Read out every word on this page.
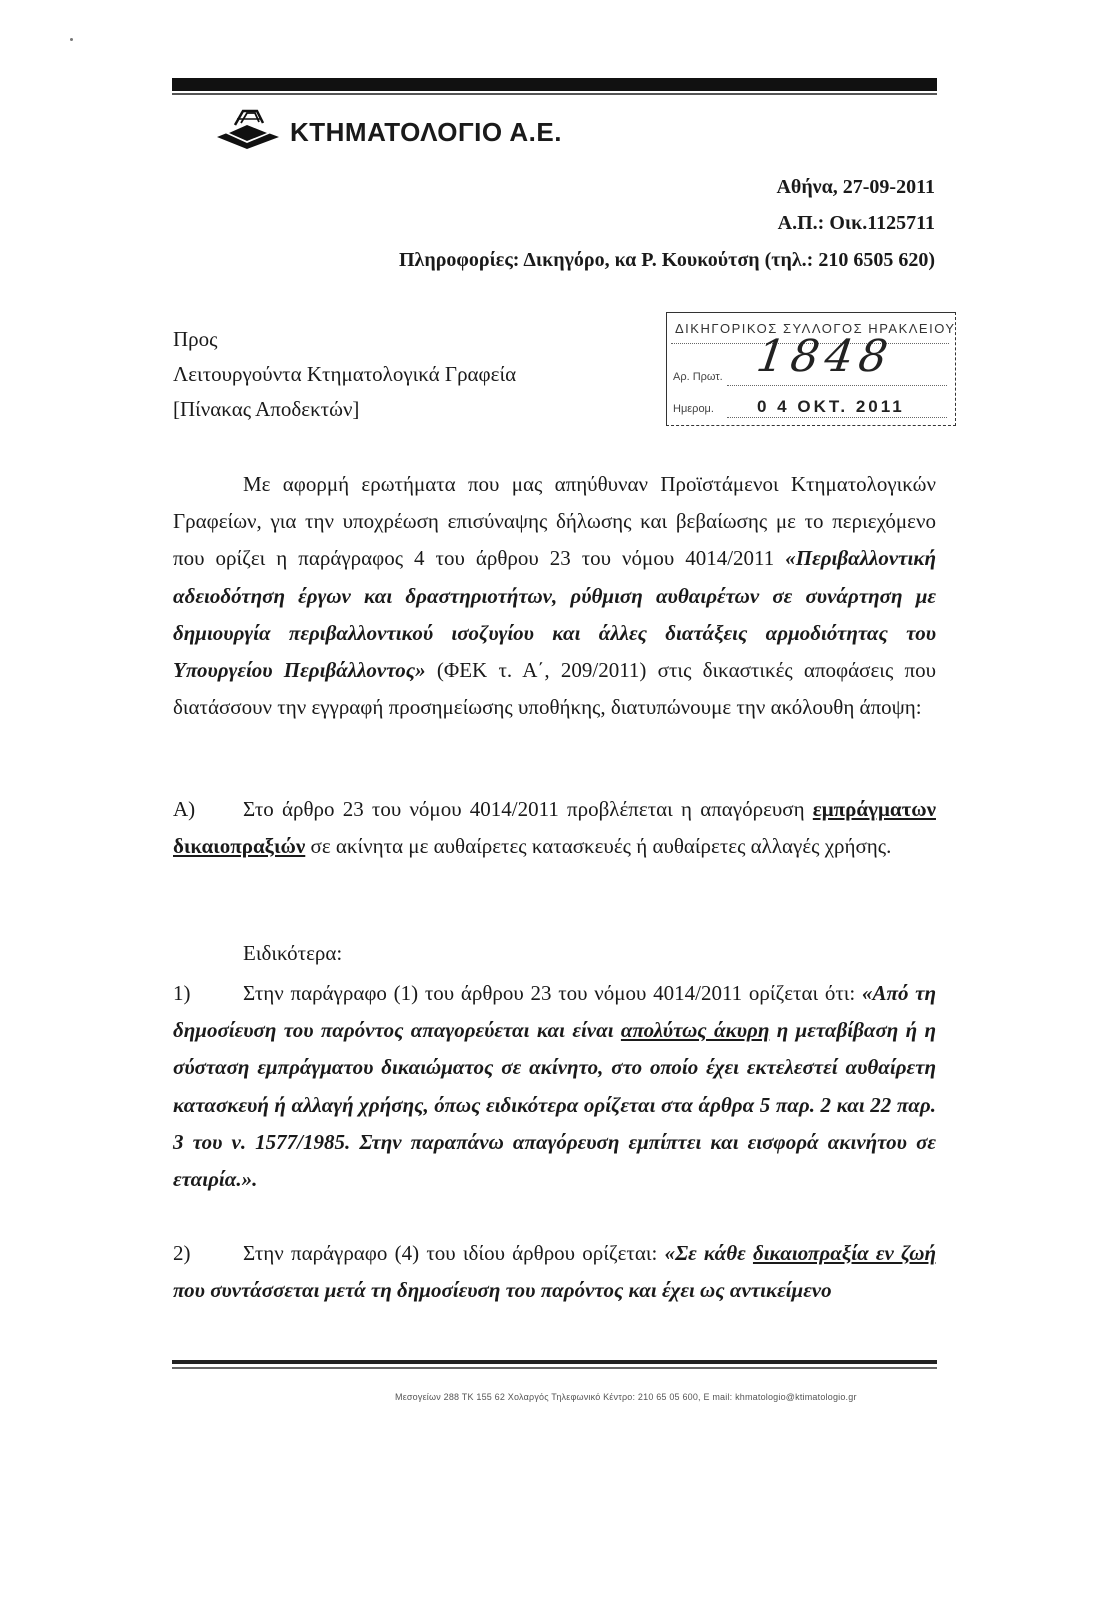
ΚΤΗΜΑΤΟΛΟΓΙΟ Α.Ε.
Αθήνα, 27-09-2011
Α.Π.: Οικ.1125711
Πληροφορίες: Δικηγόρο, κα Ρ. Κουκούτση (τηλ.: 210 6505 620)
Προς
Λειτουργούντα Κτηματολογικά Γραφεία
[Πίνακας Αποδεκτών]
ΔΙΚΗΓΟΡΙΚΟΣ ΣΥΛΛΟΓΟΣ ΗΡΑΚΛΕΙΟΥ
Αρ. Πρωτ. 1848
Ημερομ.	0 4 ΟΚΤ. 2011

Με αφορμή ερωτήματα που μας απηύθυναν Προϊστάμενοι Κτηματολογικών Γραφείων, για την υποχρέωση επισύναψης δήλωσης και βεβαίωσης με το περιεχόμενο που ορίζει η παράγραφος 4 του άρθρου 23 του νόμου 4014/2011 «Περιβαλλοντική αδειοδότηση έργων και δραστηριοτήτων, ρύθμιση αυθαιρέτων σε συνάρτηση με δημιουργία περιβαλλοντικού ισοζυγίου και άλλες διατάξεις αρμοδιότητας του Υπουργείου Περιβάλλοντος» (ΦΕΚ τ. Α΄, 209/2011) στις δικαστικές αποφάσεις που διατάσσουν την εγγραφή προσημείωσης υποθήκης, διατυπώνουμε την ακόλουθη άποψη:

Α) Στο άρθρο 23 του νόμου 4014/2011 προβλέπεται η απαγόρευση εμπράγματων δικαιοπραξιών σε ακίνητα με αυθαίρετες κατασκευές ή αυθαίρετες αλλαγές χρήσης.

Ειδικότερα:

1)	Στην παράγραφο (1) του άρθρου 23 του νόμου 4014/2011 ορίζεται ότι: «Από τη δημοσίευση του παρόντος απαγορεύεται και είναι απολύτως άκυρη η μεταβίβαση ή η σύσταση εμπράγματου δικαιώματος σε ακίνητο, στο οποίο έχει εκτελεστεί αυθαίρετη κατασκευή ή αλλαγή χρήσης, όπως ειδικότερα ορίζεται στα άρθρα 5 παρ. 2 και 22 παρ. 3 του ν. 1577/1985. Στην παραπάνω απαγόρευση εμπίπτει και εισφορά ακινήτου σε εταιρία.».

2)	Στην παράγραφο (4) του ιδίου άρθρου ορίζεται: «Σε κάθε δικαιοπραξία εν ζωή που συντάσσεται μετά τη δημοσίευση του παρόντος και έχει ως αντικείμενο

Μεσογείων 288 ΤΚ 155 62 Χολαργός Τηλεφωνικό Κέντρο: 210 65 05 600, E mail: khmatologio@ktimatologio.gr
